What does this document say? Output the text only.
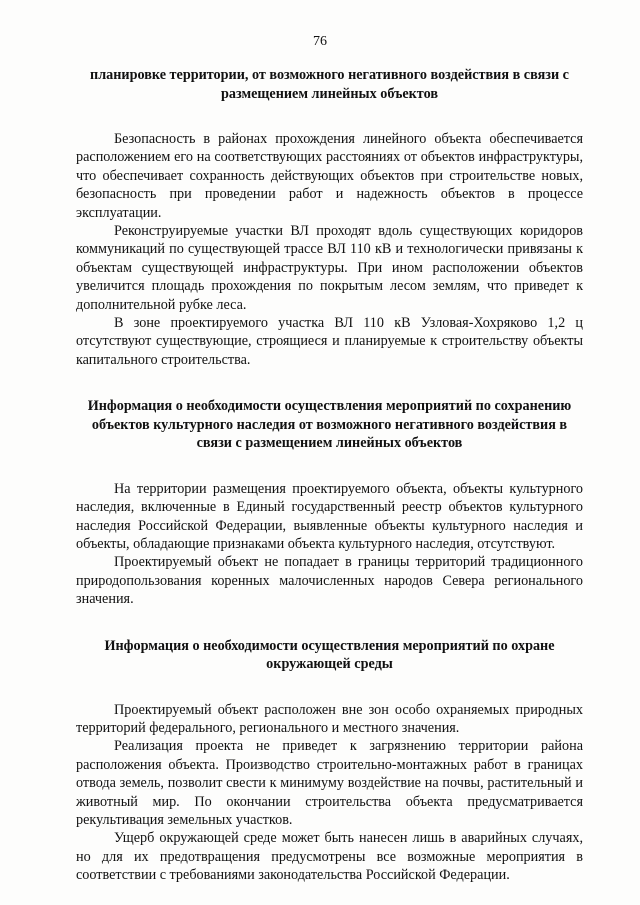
76
планировке территории, от возможного негативного воздействия в связи с размещением линейных объектов

Безопасность в районах прохождения линейного объекта обеспечивается расположением его на соответствующих расстояниях от объектов инфраструктуры, что обеспечивает сохранность действующих объектов при строительстве новых, безопасность при проведении работ и надежность объектов в процессе эксплуатации.

Реконструируемые участки ВЛ проходят вдоль существующих коридоров коммуникаций по существующей трассе ВЛ 110 кВ и технологически привязаны к объектам существующей инфраструктуры. При ином расположении объектов увеличится площадь прохождения по покрытым лесом землям, что приведет к дополнительной рубке леса.

В зоне проектируемого участка ВЛ 110 кВ Узловая-Хохряково 1,2 ц отсутствуют существующие, строящиеся и планируемые к строительству объекты капитального строительства.

Информация о необходимости осуществления мероприятий по сохранению объектов культурного наследия от возможного негативного воздействия в связи с размещением линейных объектов

На территории размещения проектируемого объекта, объекты культурного наследия, включенные в Единый государственный реестр объектов культурного наследия Российской Федерации, выявленные объекты культурного наследия и объекты, обладающие признаками объекта культурного наследия, отсутствуют.

Проектируемый объект не попадает в границы территорий традиционного природопользования коренных малочисленных народов Севера регионального значения.

Информация о необходимости осуществления мероприятий по охране окружающей среды

Проектируемый объект расположен вне зон особо охраняемых природных территорий федерального, регионального и местного значения.

Реализация проекта не приведет к загрязнению территории района расположения объекта. Производство строительно-монтажных работ в границах отвода земель, позволит свести к минимуму воздействие на почвы, растительный и животный мир. По окончании строительства объекта предусматривается рекультивация земельных участков.

Ущерб окружающей среде может быть нанесен лишь в аварийных случаях, но для их предотвращения предусмотрены все возможные мероприятия в соответствии с требованиями законодательства Российской Федерации.
